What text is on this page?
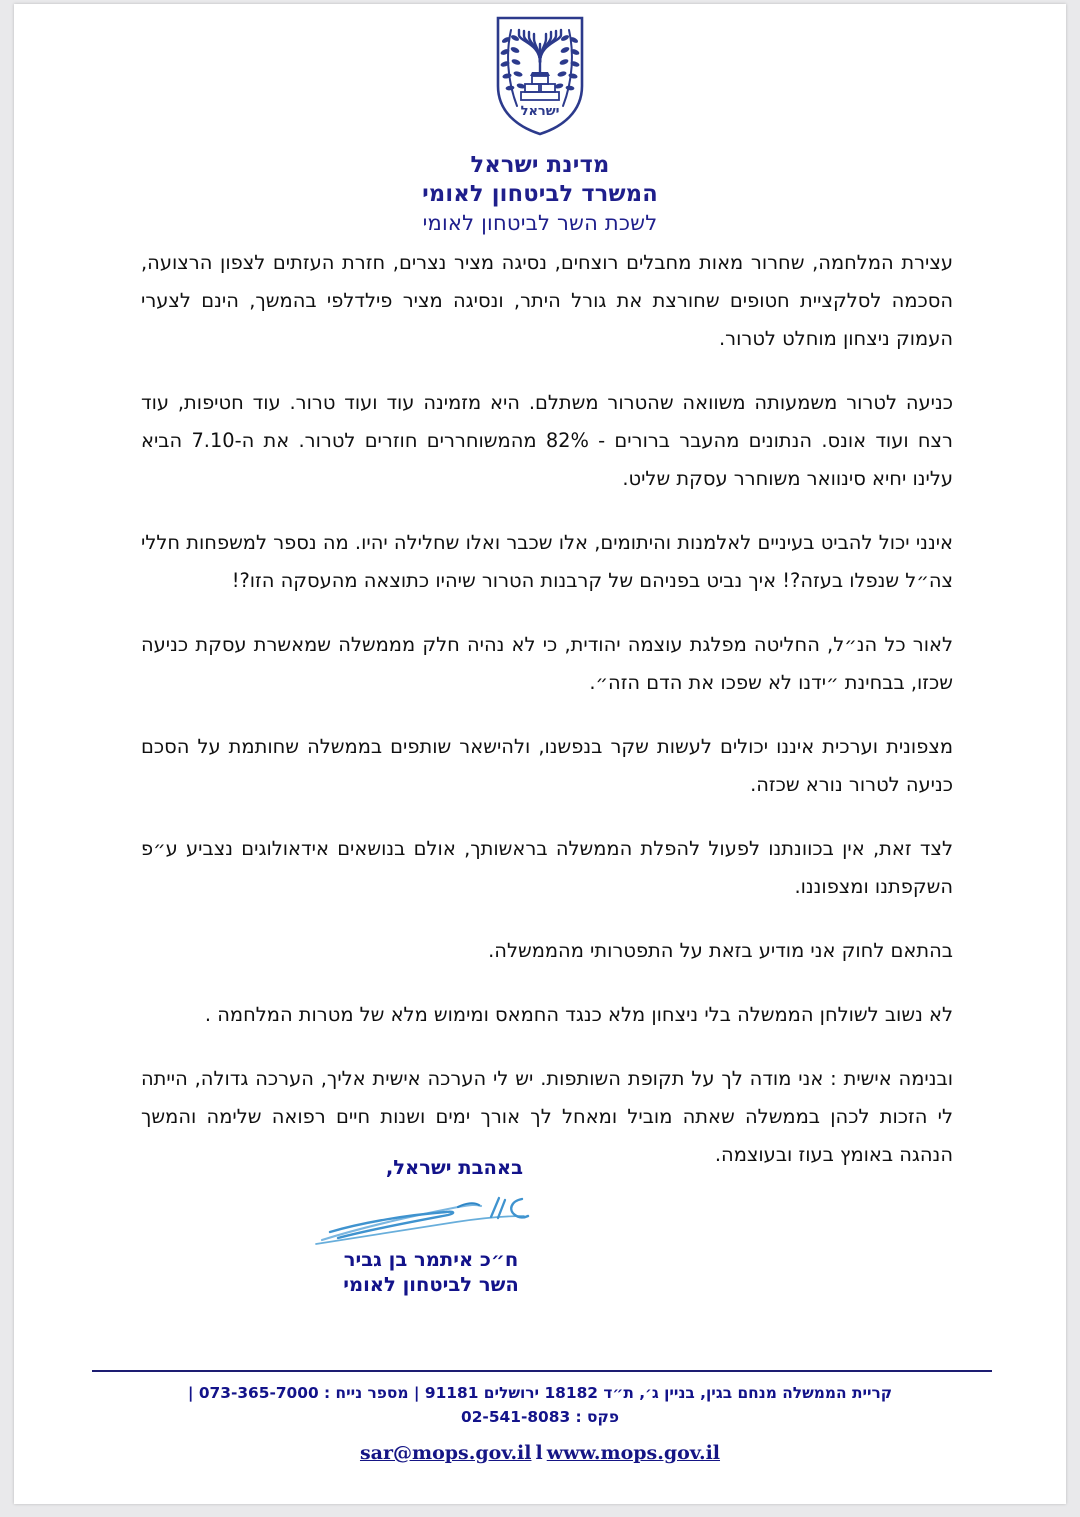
ישראל
מדינת ישראל
המשרד לביטחון לאומי
לשכת השר לביטחון לאומי

עצירת המלחמה, שחרור מאות מחבלים רוצחים, נסיגה מציר נצרים, חזרת העזתים לצפון הרצועה, הסכמה לסלקציית חטופים שחורצת את גורל היתר, ונסיגה מציר פילדלפי בהמשך, הינם לצערי העמוק ניצחון מוחלט לטרור.

כניעה לטרור משמעותה משוואה שהטרור משתלם. היא מזמינה עוד ועוד טרור. עוד חטיפות, עוד רצח ועוד אונס. הנתונים מהעבר ברורים - 82% מהמשוחררים חוזרים לטרור. את ה-7.10 הביא עלינו יחיא סינוואר משוחרר עסקת שליט.

אינני יכול להביט בעיניים לאלמנות והיתומים, אלו שכבר ואלו שחלילה יהיו. מה נספר למשפחות חללי צה״ל שנפלו בעזה?! איך נביט בפניהם של קרבנות הטרור שיהיו כתוצאה מהעסקה הזו?!

לאור כל הנ״ל, החליטה מפלגת עוצמה יהודית, כי לא נהיה חלק מממשלה שמאשרת עסקת כניעה שכזו, בבחינת ״ידנו לא שפכו את הדם הזה״.

מצפונית וערכית איננו יכולים לעשות שקר בנפשנו, ולהישאר שותפים בממשלה שחותמת על הסכם כניעה לטרור נורא שכזה.

לצד זאת, אין בכוונתנו לפעול להפלת הממשלה בראשותך, אולם בנושאים אידאולוגים נצביע ע״פ השקפתנו ומצפוננו.

בהתאם לחוק אני מודיע בזאת על התפטרותי מהממשלה.

לא נשוב לשולחן הממשלה בלי ניצחון מלא כנגד החמאס ומימוש מלא של מטרות המלחמה .

ובנימה אישית : אני מודה לך על תקופת השותפות. יש לי הערכה אישית אליך, הערכה גדולה, הייתה לי הזכות לכהן בממשלה שאתה מוביל ומאחל לך אורך ימים ושנות חיים רפואה שלימה והמשך הנהגה באומץ בעוז ובעוצמה.

באהבת ישראל,
ח״כ איתמר בן גביר
השר לביטחון לאומי
קריית הממשלה מנחם בגין, בניין ג׳, ת״ד 18182 ירושלים 91181 | מספר נייח : 073-365-7000 |
פקס : 02-541-8083
sar@mops.gov.il l www.mops.gov.il
